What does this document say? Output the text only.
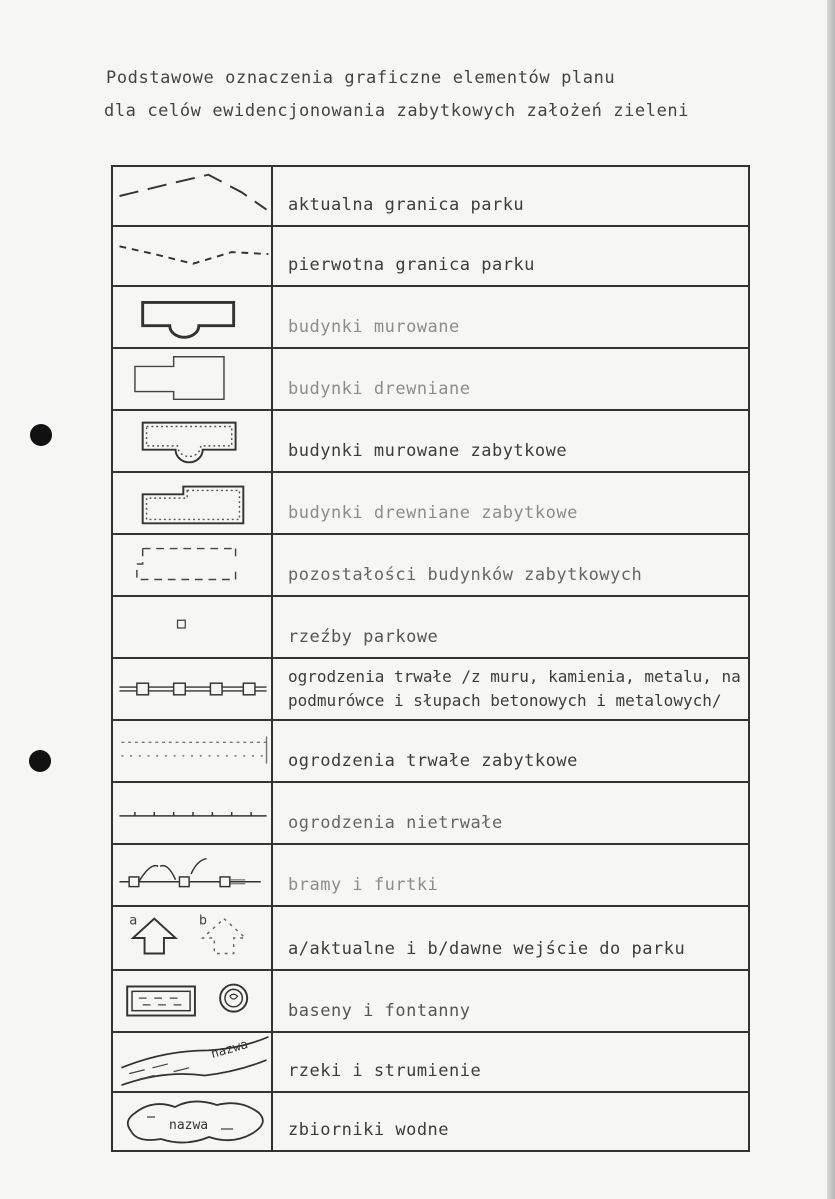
Podstawowe oznaczenia graficzne elementów planu
dla celów ewidencjonowania zabytkowych założeń zieleni
aktualna granica parku
pierwotna granica parku
budynki murowane
budynki drewniane
budynki murowane zabytkowe
budynki drewniane zabytkowe
pozostałości budynków zabytkowych
rzeźby parkowe
ogrodzenia trwałe /z muru, kamienia, metalu, na
podmurówce i słupach betonowych i metalowych/
ogrodzenia trwałe zabytkowe
ogrodzenia nietrwałe
bramy i furtki
a	b
a/aktualne i b/dawne wejście do parku
baseny i fontanny
nazwa
rzeki i strumienie
nazwa	zbiorniki wodne
